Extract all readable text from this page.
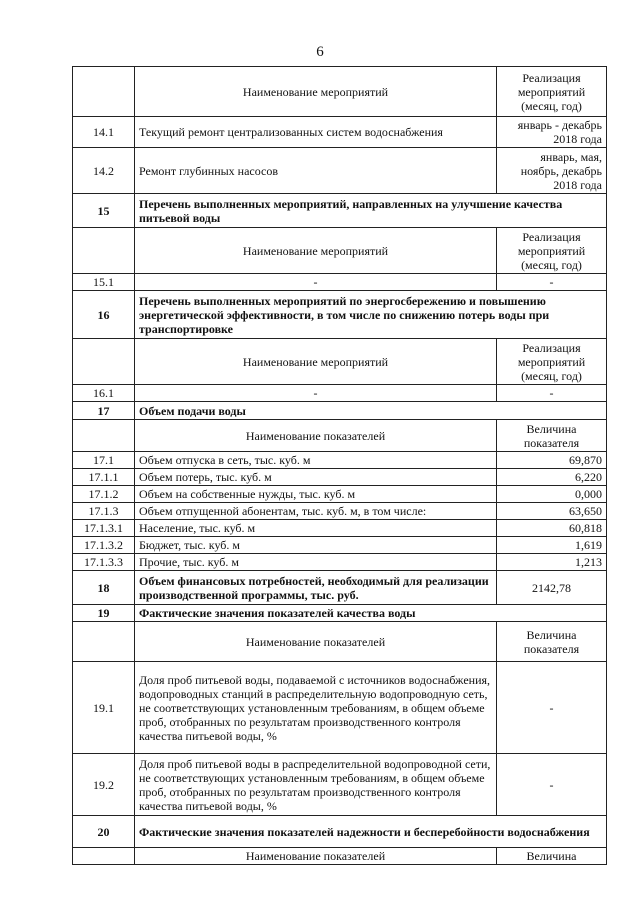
6
	Наименование мероприятий	Реализация мероприятий (месяц, год)
14.1	Текущий ремонт централизованных систем водоснабжения	январь - декабрь 2018 года
14.2	Ремонт глубинных насосов	январь, мая, ноябрь, декабрь 2018 года
15	Перечень выполненных мероприятий, направленных на улучшение качества питьевой воды	
	Наименование мероприятий	Реализация мероприятий (месяц, год)
15.1	-	-
16	Перечень выполненных мероприятий по энергосбережению и повышению энергетической эффективности, в том числе по снижению потерь воды при транспортировке	
	Наименование мероприятий	Реализация мероприятий (месяц, год)
16.1	-	-
17	Объем подачи воды	
	Наименование показателей	Величина показателя
17.1	Объем отпуска в сеть, тыс. куб. м	69,870
17.1.1	Объем потерь, тыс. куб. м	6,220
17.1.2	Объем на собственные нужды, тыс. куб. м	0,000
17.1.3	Объем отпущенной абонентам, тыс. куб. м, в том числе:	63,650
17.1.3.1	Население, тыс. куб. м	60,818
17.1.3.2	Бюджет, тыс. куб. м	1,619
17.1.3.3	Прочие, тыс. куб. м	1,213
18	Объем финансовых потребностей, необходимый для реализации производственной программы, тыс. руб.	2142,78
19	Фактические значения показателей качества воды	
	Наименование показателей	Величина показателя
19.1	Доля проб питьевой воды, подаваемой с источников водоснабжения, водопроводных станций в распределительную водопроводную сеть, не соответствующих установленным требованиям, в общем объеме проб, отобранных по результатам производственного контроля качества питьевой воды, %	-
19.2	Доля проб питьевой воды в распределительной водопроводной сети, не соответствующих установленным требованиям, в общем объеме проб, отобранных по результатам производственного контроля качества питьевой воды, %	-
20	Фактические значения показателей надежности и бесперебойности водоснабжения	
	Наименование показателей	Величина
